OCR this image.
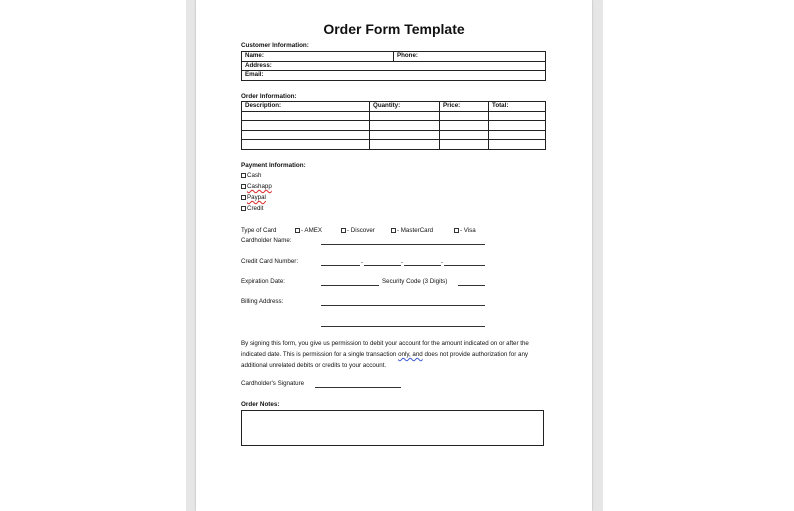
Order Form Template
Customer Information:
Name:	Phone:
Address:
Email:
Order Information:
Description:	Quantity:	Price:	Total:

Payment Information:
Cash
Cashapp
Paypal
Credit
Type of Card	- AMEX	- Discover	- MasterCard	- Visa
Cardholder Name:
Credit Card Number:	-	-	-
Expiration Date:	Security Code (3 Digits)
Billing Address:
By signing this form, you give us permission to debit your account for the amount indicated on or after the indicated date. This is permission for a single transaction only, and does not provide authorization for any additional unrelated debits or credits to your account.
Cardholder's Signature
Order Notes:
